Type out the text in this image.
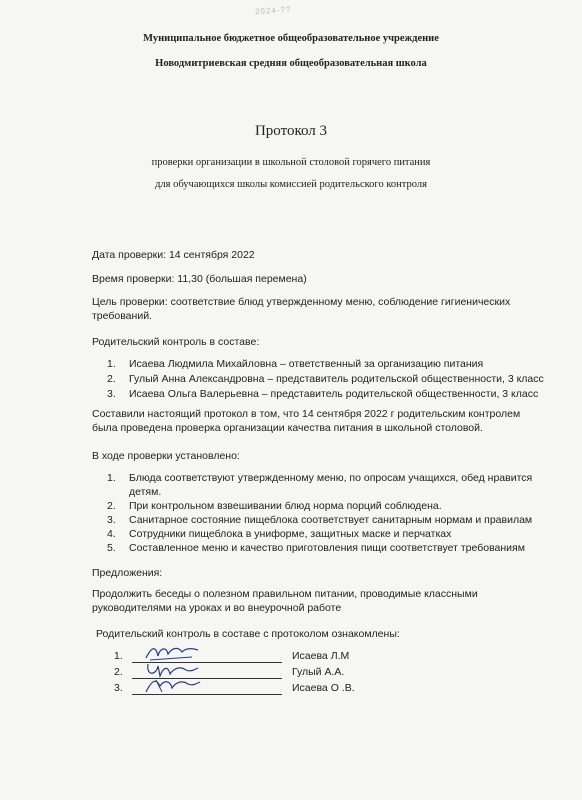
2024-??
Муниципальное бюджетное общеобразовательное учреждение
Новодмитриевская средняя общеобразовательная школа
Протокол 3
проверки организации в школьной столовой горячего питания
для обучающихся школы комиссией родительского контроля
Дата проверки: 14 сентября 2022
Время проверки: 11,30 (большая перемена)
Цель проверки: соответствие блюд утвержденному меню, соблюдение гигиенических требований.
Родительский контроль в составе:
1.	Исаева Людмила Михайловна – ответственный за организацию питания
2.	Гулый Анна Александровна – представитель родительской общественности, 3 класс
3.	Исаева Ольга Валерьевна – представитель родительской общественности, 3 класс
Составили настоящий протокол в том, что 14 сентября 2022 г родительским контролем была проведена проверка организации качества питания в школьной столовой.
В ходе проверки установлено:
1.	Блюда соответствуют утвержденному меню, по опросам учащихся, обед нравится детям.
2.	При контрольном взвешивании блюд норма порций соблюдена.
3.	Санитарное состояние пищеблока соответствует санитарным нормам и правилам
4.	Сотрудники пищеблока в униформе, защитных маске и перчатках
5.	Составленное меню и качество приготовления пищи соответствует требованиям
Предложения:
Продолжить беседы о полезном правильном питании, проводимые классными руководителями на уроках и во внеурочной работе
Родительский контроль в составе с протоколом ознакомлены:
1.	Исаева Л.М
2.	Гулый А.А.
3.	Исаева О .В.
